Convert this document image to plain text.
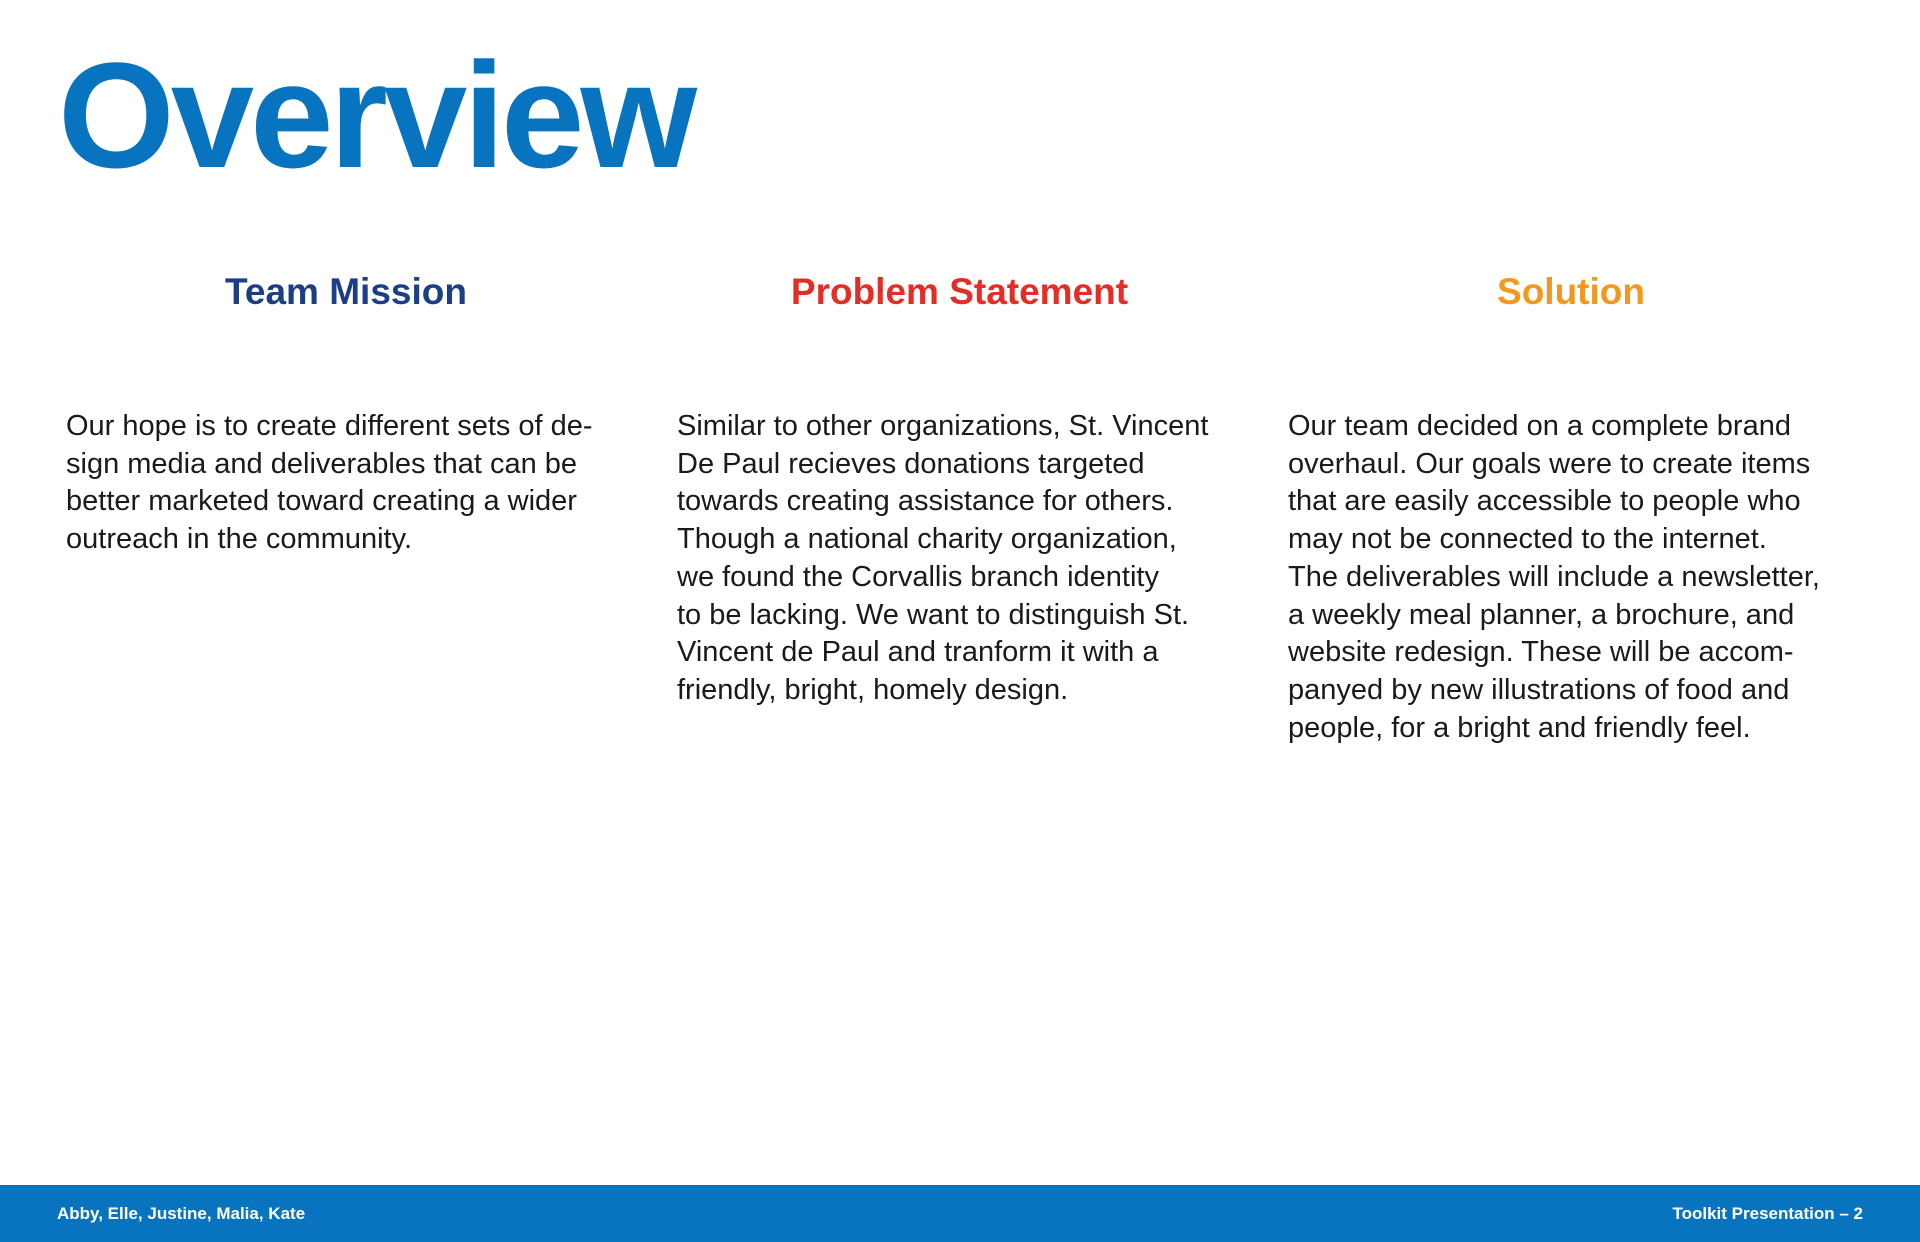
Overview
Team Mission

Our hope is to create different sets of de-
sign media and deliverables that can be
better marketed toward creating a wider
outreach in the community.

Problem Statement

Similar to other organizations, St. Vincent
De Paul recieves donations targeted
towards creating assistance for others.
Though a national charity organization,
we found the Corvallis branch identity
to be lacking. We want to distinguish St.
Vincent de Paul and tranform it with a
friendly, bright, homely design.

Solution

Our team decided on a complete brand
overhaul. Our goals were to create items
that are easily accessible to people who
may not be connected to the internet.
The deliverables will include a newsletter,
a weekly meal planner, a brochure, and
website redesign. These will be accom-
panyed by new illustrations of food and
people, for a bright and friendly feel.

Abby, Elle, Justine, Malia, Kate	Toolkit Presentation – 2
